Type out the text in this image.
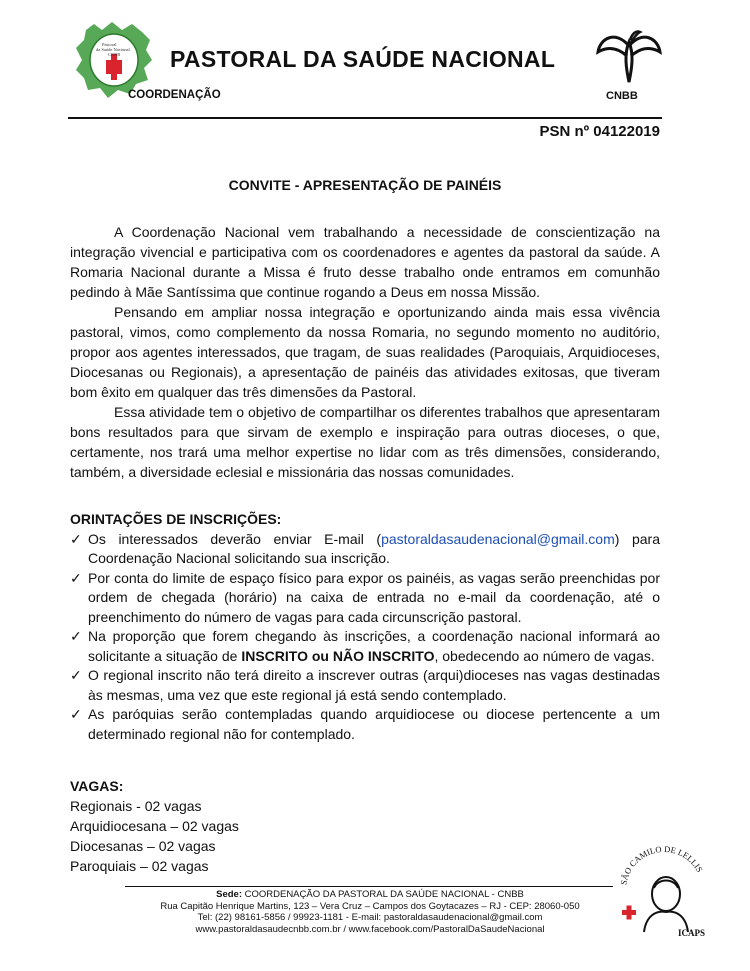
Pastoral
da Saúde Nacional
CNBB PASTORAL DA SAÚDE NACIONAL
COORDENAÇÃO	CNBB
PSN nº 04122019
CONVITE - APRESENTAÇÃO DE PAINÉIS

A Coordenação Nacional vem trabalhando a necessidade de conscientização na integração vivencial e participativa com os coordenadores e agentes da pastoral da saúde. A Romaria Nacional durante a Missa é fruto desse trabalho onde entramos em comunhão pedindo à Mãe Santíssima que continue rogando a Deus em nossa Missão.

Pensando em ampliar nossa integração e oportunizando ainda mais essa vivência pastoral, vimos, como complemento da nossa Romaria, no segundo momento no auditório, propor aos agentes interessados, que tragam, de suas realidades (Paroquiais, Arquidioceses, Diocesanas ou Regionais), a apresentação de painéis das atividades exitosas, que tiveram bom êxito em qualquer das três dimensões da Pastoral.

Essa atividade tem o objetivo de compartilhar os diferentes trabalhos que apresentaram bons resultados para que sirvam de exemplo e inspiração para outras dioceses, o que, certamente, nos trará uma melhor expertise no lidar com as três dimensões, considerando, também, a diversidade eclesial e missionária das nossas comunidades.

ORINTAÇÕES DE INSCRIÇÕES:
✓ Os interessados deverão enviar E-mail (pastoraldasaudenacional@gmail.com) para Coordenação Nacional solicitando sua inscrição.
✓ Por conta do limite de espaço físico para expor os painéis, as vagas serão preenchidas por ordem de chegada (horário) na caixa de entrada no e-mail da coordenação, até o preenchimento do número de vagas para cada circunscrição pastoral.
✓ Na proporção que forem chegando às inscrições, a coordenação nacional informará ao solicitante a situação de INSCRITO ou NÃO INSCRITO, obedecendo ao número de vagas.
✓ O regional inscrito não terá direito a inscrever outras (arqui)dioceses nas vagas destinadas às mesmas, uma vez que este regional já está sendo contemplado.
✓ As paróquias serão contempladas quando arquidiocese ou diocese pertencente a um determinado regional não for contemplado.
VAGAS:
Regionais - 02 vagas
Arquidiocesana – 02 vagas
Diocesanas – 02 vagas
Paroquiais – 02 vagas
SÃO CAMILO DE LELLIS
ICAPS
Sede: COORDENAÇÃO DA PASTORAL DA SAÚDE NACIONAL - CNBB
Rua Capitão Henrique Martins, 123 – Vera Cruz – Campos dos Goytacazes – RJ - CEP: 28060-050
Tel: (22) 98161-5856 / 99923-1181 - E-mail: pastoraldasaudenacional@gmail.com
www.pastoraldasaudecnbb.com.br / www.facebook.com/PastoralDaSaudeNacional
